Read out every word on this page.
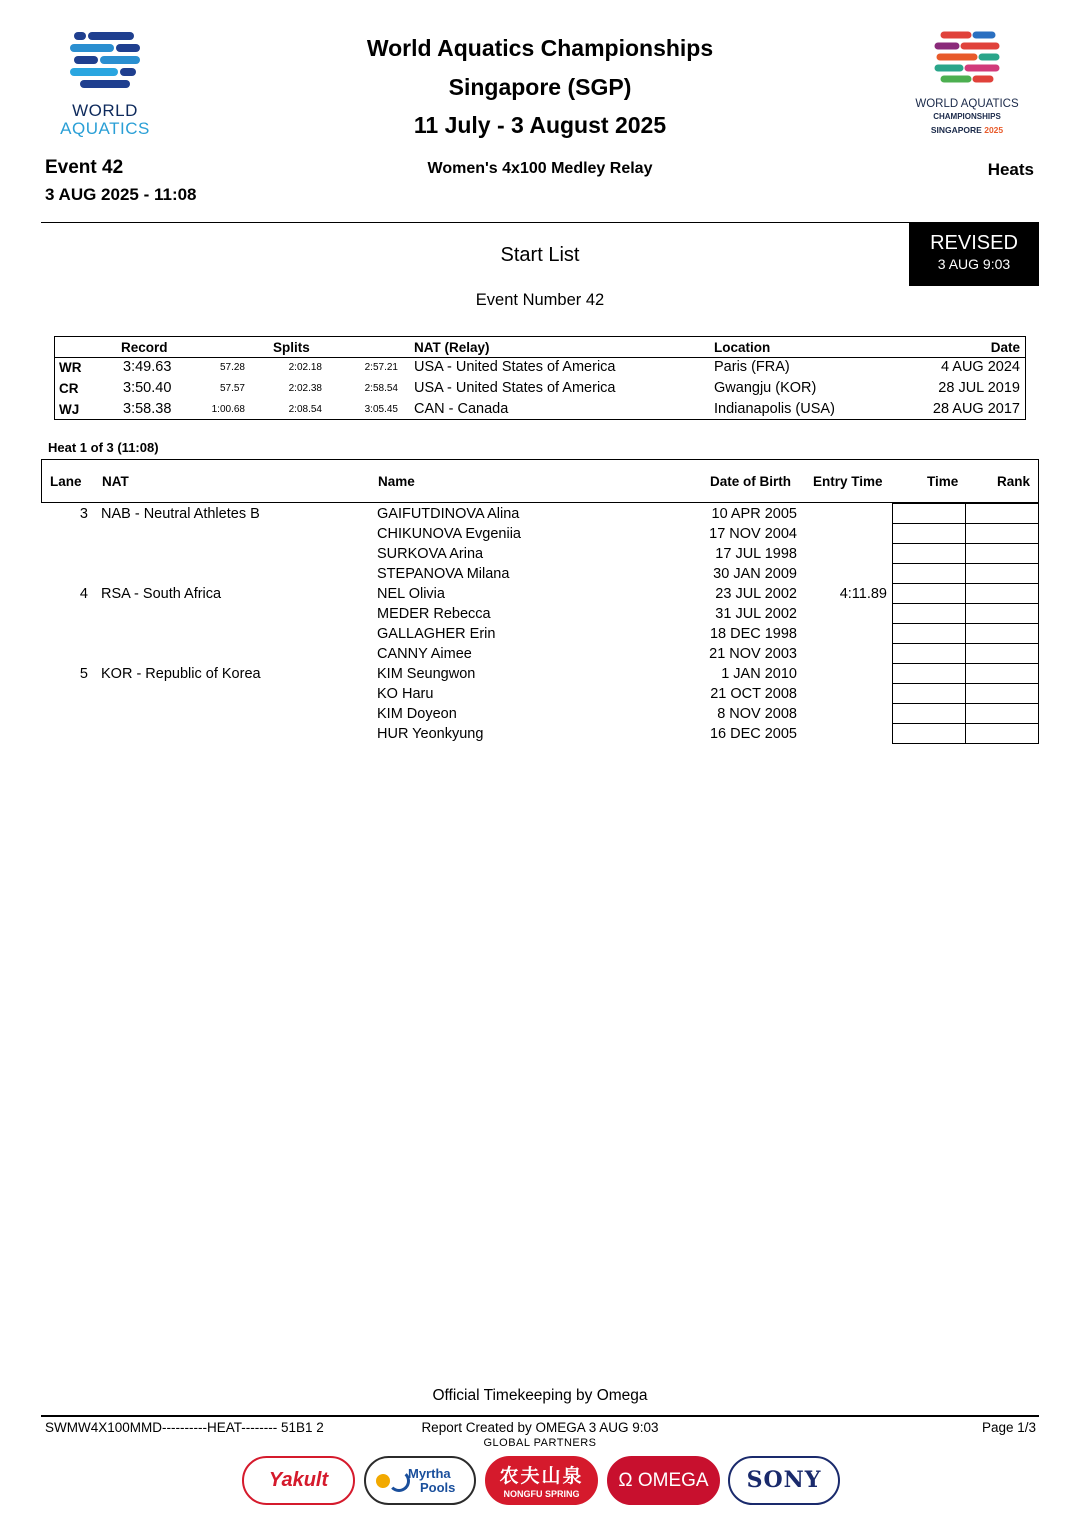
WORLD
AQUATICS
WORLD AQUATICS
CHAMPIONSHIPS
SINGAPORE 2025
World Aquatics Championships
Singapore (SGP)
11 July - 3 August 2025
Event 42
3 AUG 2025 - 11:08
Women's 4x100 Medley Relay	Heats
REVISED
3 AUG 9:03
Start List
Event Number 42
Record	Splits	NAT (Relay)	Location	Date
WR	3:49.63	57.28	2:02.18	2:57.21 USA - United States of America	Paris (FRA)	4 AUG 2024
CR	3:50.40	57.57	2:02.38	2:58.54 USA - United States of America	Gwangju (KOR)	28 JUL 2019
WJ	3:58.38	1:00.68	2:08.54	3:05.45 CAN - Canada	Indianapolis (USA)	28 AUG 2017
Heat 1 of 3 (11:08)
Lane NAT	Name	Date of Birth Entry Time	Time	Rank
3 NAB - Neutral Athletes B	GAIFUTDINOVA Alina	10 APR 2005
CHIKUNOVA Evgeniia	17 NOV 2004
SURKOVA Arina	17 JUL 1998
STEPANOVA Milana	30 JAN 2009
4 RSA - South Africa	NEL Olivia	23 JUL 2002	4:11.89
MEDER Rebecca	31 JUL 2002
GALLAGHER Erin	18 DEC 1998
CANNY Aimee	21 NOV 2003
5 KOR - Republic of Korea	KIM Seungwon	1 JAN 2010
KO Haru	21 OCT 2008
KIM Doyeon	8 NOV 2008
HUR Yeonkyung	16 DEC 2005
Official Timekeeping by Omega
SWMW4X100MMD----------HEAT-------- 51B1 2	Report Created by OMEGA 3 AUG 9:03	Page 1/3
GLOBAL PARTNERS
Yakult	Myrtha
Pools
农夫山泉
NONGFU SPRING
Ω OMEGA	SONY
